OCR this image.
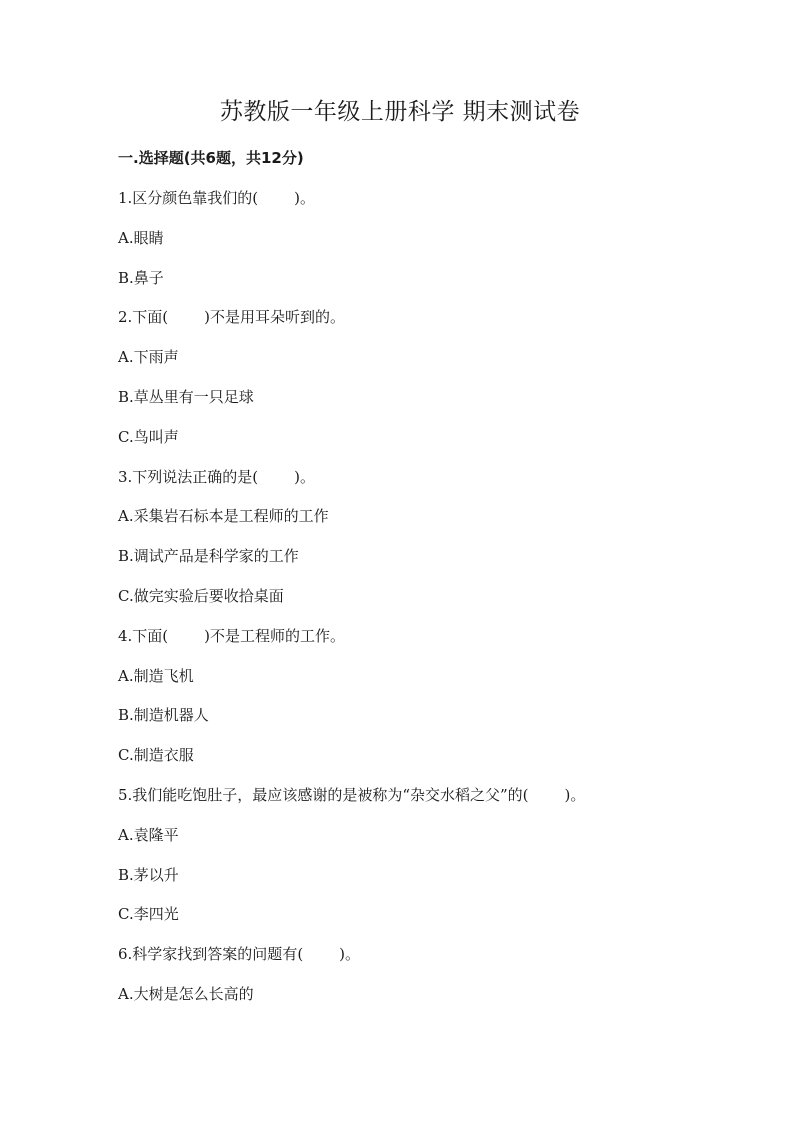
苏教版一年级上册科学 期末测试卷
一.选择题(共6题，共12分)
1.区分颜色靠我们的( )。
A.眼睛
B.鼻子
2.下面( )不是用耳朵听到的。
A.下雨声
B.草丛里有一只足球
C.鸟叫声
3.下列说法正确的是( )。
A.采集岩石标本是工程师的工作
B.调试产品是科学家的工作
C.做完实验后要收拾桌面
4.下面( )不是工程师的工作。
A.制造飞机
B.制造机器人
C.制造衣服
5.我们能吃饱肚子，最应该感谢的是被称为“杂交水稻之父”的( )。
A.袁隆平
B.茅以升
C.李四光
6.科学家找到答案的问题有( )。
A.大树是怎么长高的
